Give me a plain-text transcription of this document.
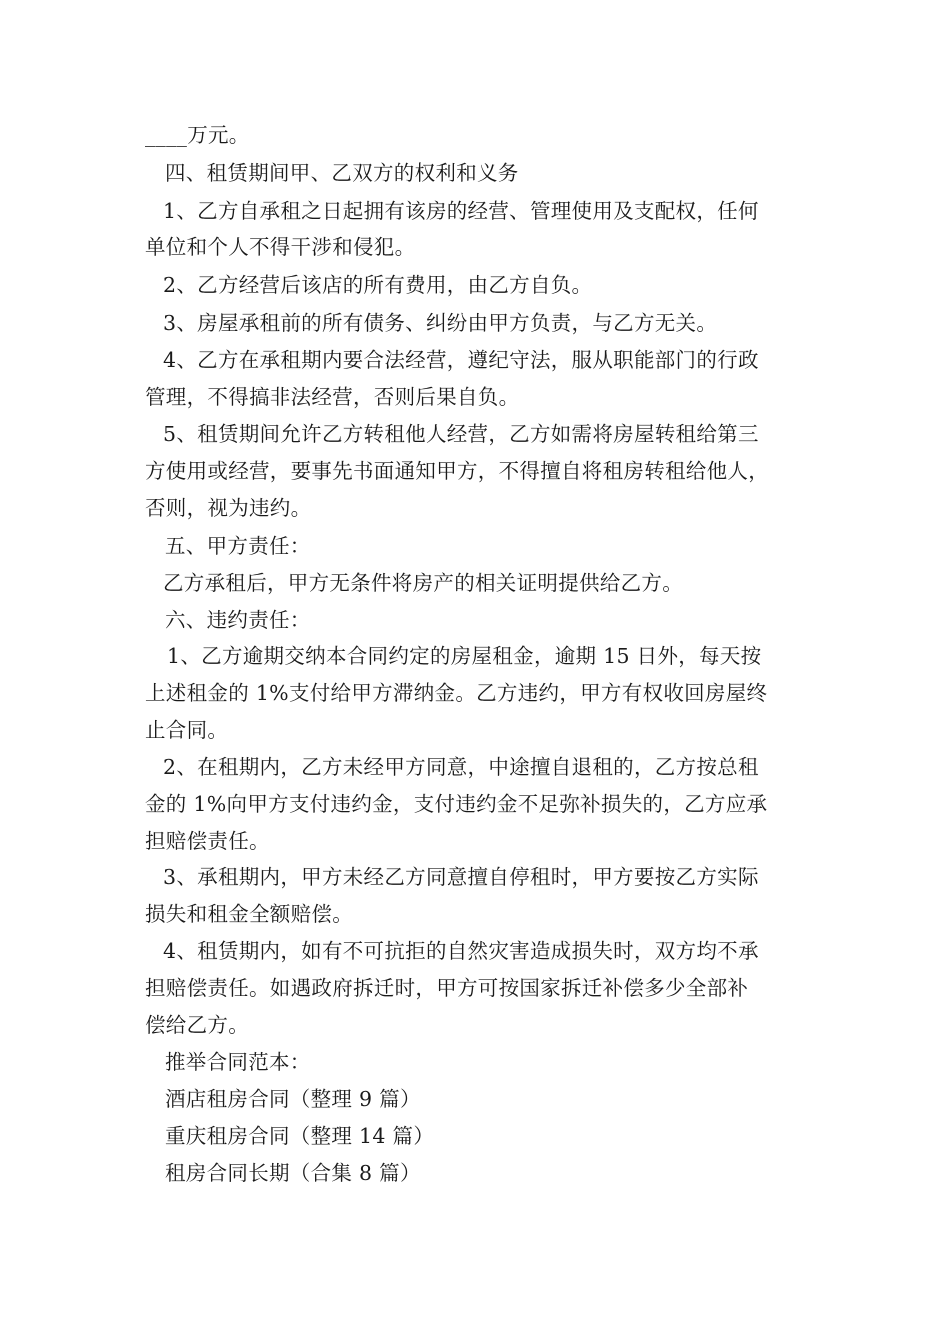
____万元。
四、租赁期间甲、乙双方的权利和义务
1、乙方自承租之日起拥有该房的经营、管理使用及支配权，任何
单位和个人不得干涉和侵犯。
2、乙方经营后该店的所有费用，由乙方自负。
3、房屋承租前的所有债务、纠纷由甲方负责，与乙方无关。
4、乙方在承租期内要合法经营，遵纪守法，服从职能部门的行政
管理，不得搞非法经营，否则后果自负。
5、租赁期间允许乙方转租他人经营，乙方如需将房屋转租给第三
方使用或经营，要事先书面通知甲方，不得擅自将租房转租给他人，
否则，视为违约。
五、甲方责任：
乙方承租后，甲方无条件将房产的相关证明提供给乙方。
六、违约责任：
1、乙方逾期交纳本合同约定的房屋租金，逾期 15 日外，每天按
上述租金的 1%支付给甲方滞纳金。乙方违约，甲方有权收回房屋终
止合同。
2、在租期内，乙方未经甲方同意，中途擅自退租的，乙方按总租
金的 1%向甲方支付违约金，支付违约金不足弥补损失的，乙方应承
担赔偿责任。
3、承租期内，甲方未经乙方同意擅自停租时，甲方要按乙方实际
损失和租金全额赔偿。
4、租赁期内，如有不可抗拒的自然灾害造成损失时，双方均不承
担赔偿责任。如遇政府拆迁时，甲方可按国家拆迁补偿多少全部补
偿给乙方。
推举合同范本：
酒店租房合同（整理 9 篇）
重庆租房合同（整理 14 篇）
租房合同长期（合集 8 篇）
